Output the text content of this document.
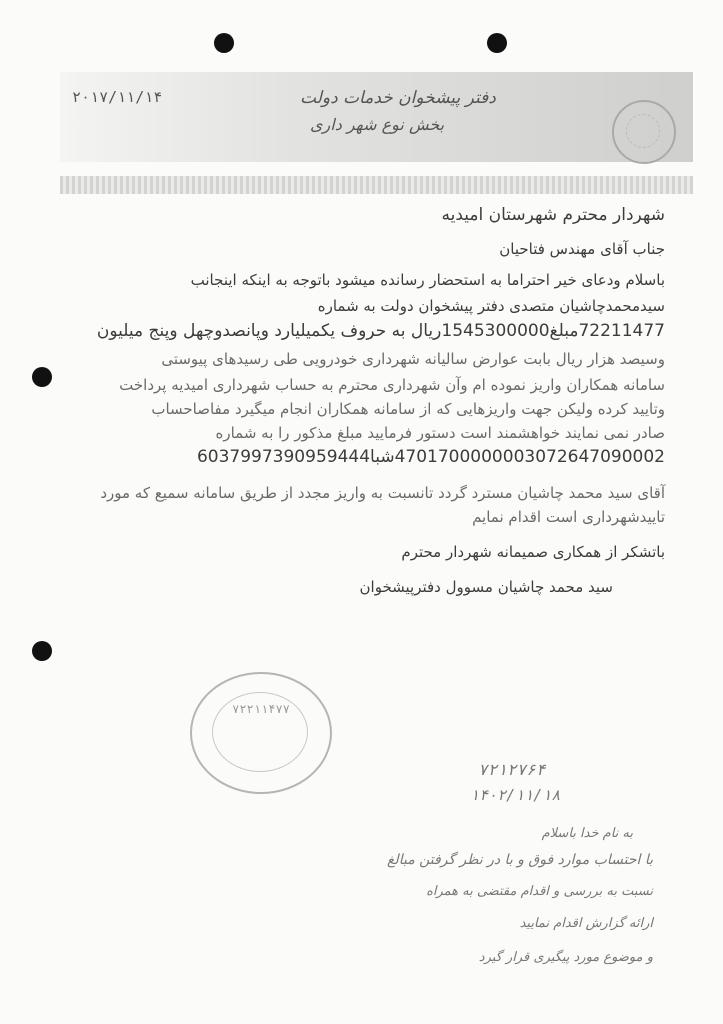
۲۰۱۷/۱۱/۱۴	دفتر پیشخوان خدمات دولت
بخش نوع شهر داری
شهردار محترم شهرستان امیدیه
جناب آقای مهندس فتاحیان
باسلام ودعای خیر احتراما به استحضار رسانده میشود باتوجه به اینکه اینجانب
سیدمحمدچاشیان متصدی دفتر پیشخوان دولت به شماره
72211477مبلغ1545300000ریال به حروف یکمیلیارد وپانصدوچهل وپنج میلیون
وسیصد هزار ریال بابت عوارض سالیانه شهرداری خودرویی طی رسیدهای پیوستی
سامانه همکاران واریز نموده ام وآن شهرداری محترم به حساب شهرداری امیدیه پرداخت
وتایید کرده ولیکن جهت واریزهایی که از سامانه همکاران انجام میگیرد مفاصاحساب
صادر نمی نمایند خواهشمند است دستور فرمایید مبلغ مذکور را به شماره
4701700000003072647090002شبا6037997390959444
آقای سید محمد چاشیان مسترد گردد تانسبت به واریز مجدد از طریق سامانه سمیع که مورد
تاییدشهرداری است اقدام نمایم
باتشکر از همکاری صمیمانه شهردار محترم
سید محمد چاشیان مسوول دفترپیشخوان
۷۲۲۱۱۴۷۷
۷۲۱۲۷۶۴
۱۴۰۲/۱۱/۱۸
به نام خدا باسلام
با احتساب موارد فوق و با در نظر گرفتن مبالغ
نسبت به بررسی و اقدام مقتضی به همراه
ارائه گزارش اقدام نمایید
و موضوع مورد پیگیری قرار گیرد
